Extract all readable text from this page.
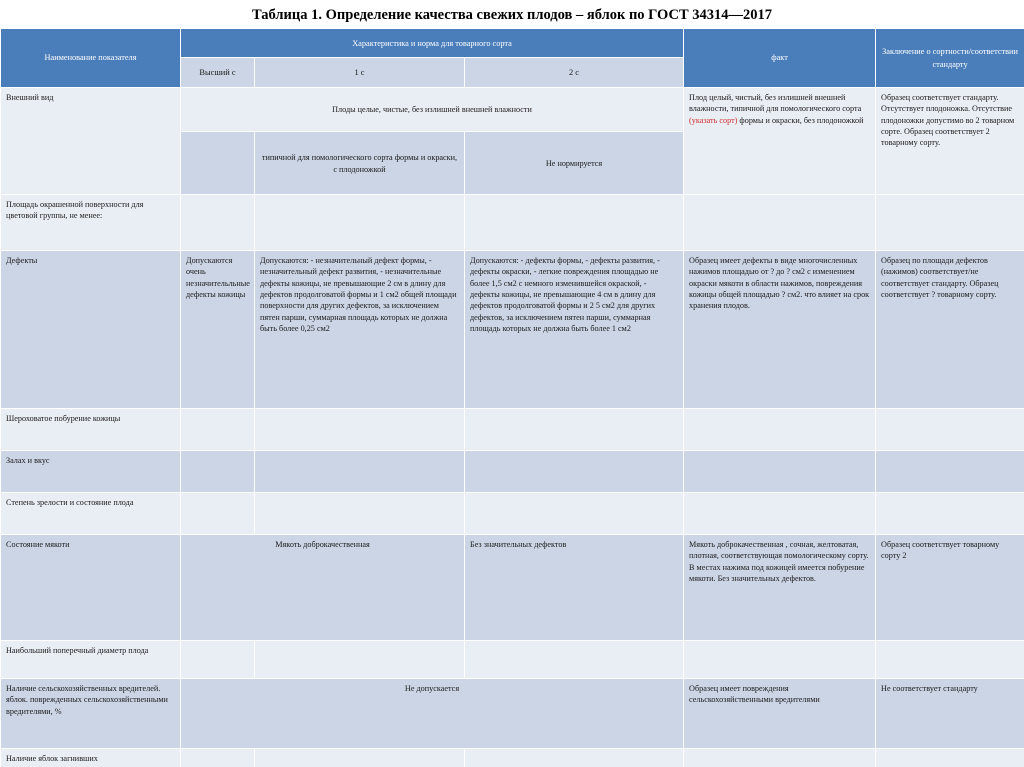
Таблица 1. Определение качества свежих плодов – яблок по ГОСТ 34314—2017
Наименование показателя	Характеристика и норма для товарного сорта			факт	Заключение о сортности/соответствии стандарту
	Высший с	1 с	2 с		
Внешний вид	Плоды целые, чистые, без излишней внешней влажности			Плод целый, чистый, без излишней внешней влажности, типичной для помологического сорта (указать сорт) формы и окраски, без плодоножкой	Образец соответствует стандарту. Отсутствует плодоножка. Отсутствие плодоножки допустимо во 2 товарном сорте. Образец соответствует 2 товарному сорту.
		типичной для помологического сорта формы и окраски, с плодоножкой	Не нормируется		
Площадь окрашенной поверхности для цветовой группы, не менее:					
Дефекты	Допускаются очень незначительльные дефекты кожицы	Допускаются: - незначительный дефект формы, - незначительный дефект развития, - незначительные дефекты кожицы, не превышающие 2 см в длину для дефектов продолговатой формы и 1 см2 общей площади поверхности для других дефектов, за исключением пятен парши, суммарная площадь которых не должна быть более 0,25 см2	Допускаются: - дефекты формы, - дефекты развития, - дефекты окраски, - легкие повреждения площадью не более 1,5 см2 с немного изменившейся окраской, - дефекты кожицы, не превышающие 4 см в длину для дефектов продолговатой формы и 2 5 см2 для других дефектов, за исключением пятен парши, суммарная площадь которых не должна быть более 1 см2	Образец имеет дефекты в виде многочисленных нажимов площадью от ? до ? см2 с изменением окраски мякоти в области нажимов, повреждения кожицы общей площадью ? см2. что влияет на срок хранения плодов.	Образец по площади дефектов (нажимов) соответствует/не соответствует стандарту. Образец соответствует ? товарному сорту.
Шероховатое побурение кожицы					
Залах и вкус					
Степень зрелости и состояние плода					
Состояние мякоти	Мякоть доброкачественная		Без значительных дефектов	Мякоть доброкачественная , сочная, желтоватая, плотная, соответствующая помологическому сорту. В местах нажима под кожицей имеется побурение мякоти. Без значительных дефектов.	Образец соответствует товарному сорту 2
Наибольший поперечный диаметр плода					
Наличие сельскохозяйственных вредителей. яблок. поврежденных сельскохозяйственными вредителями, %	Не допускается			Образец имеет повреждения сельскохозяйственными вредителями	Не соответствует стандарту
Наличие яблок загнивших					
